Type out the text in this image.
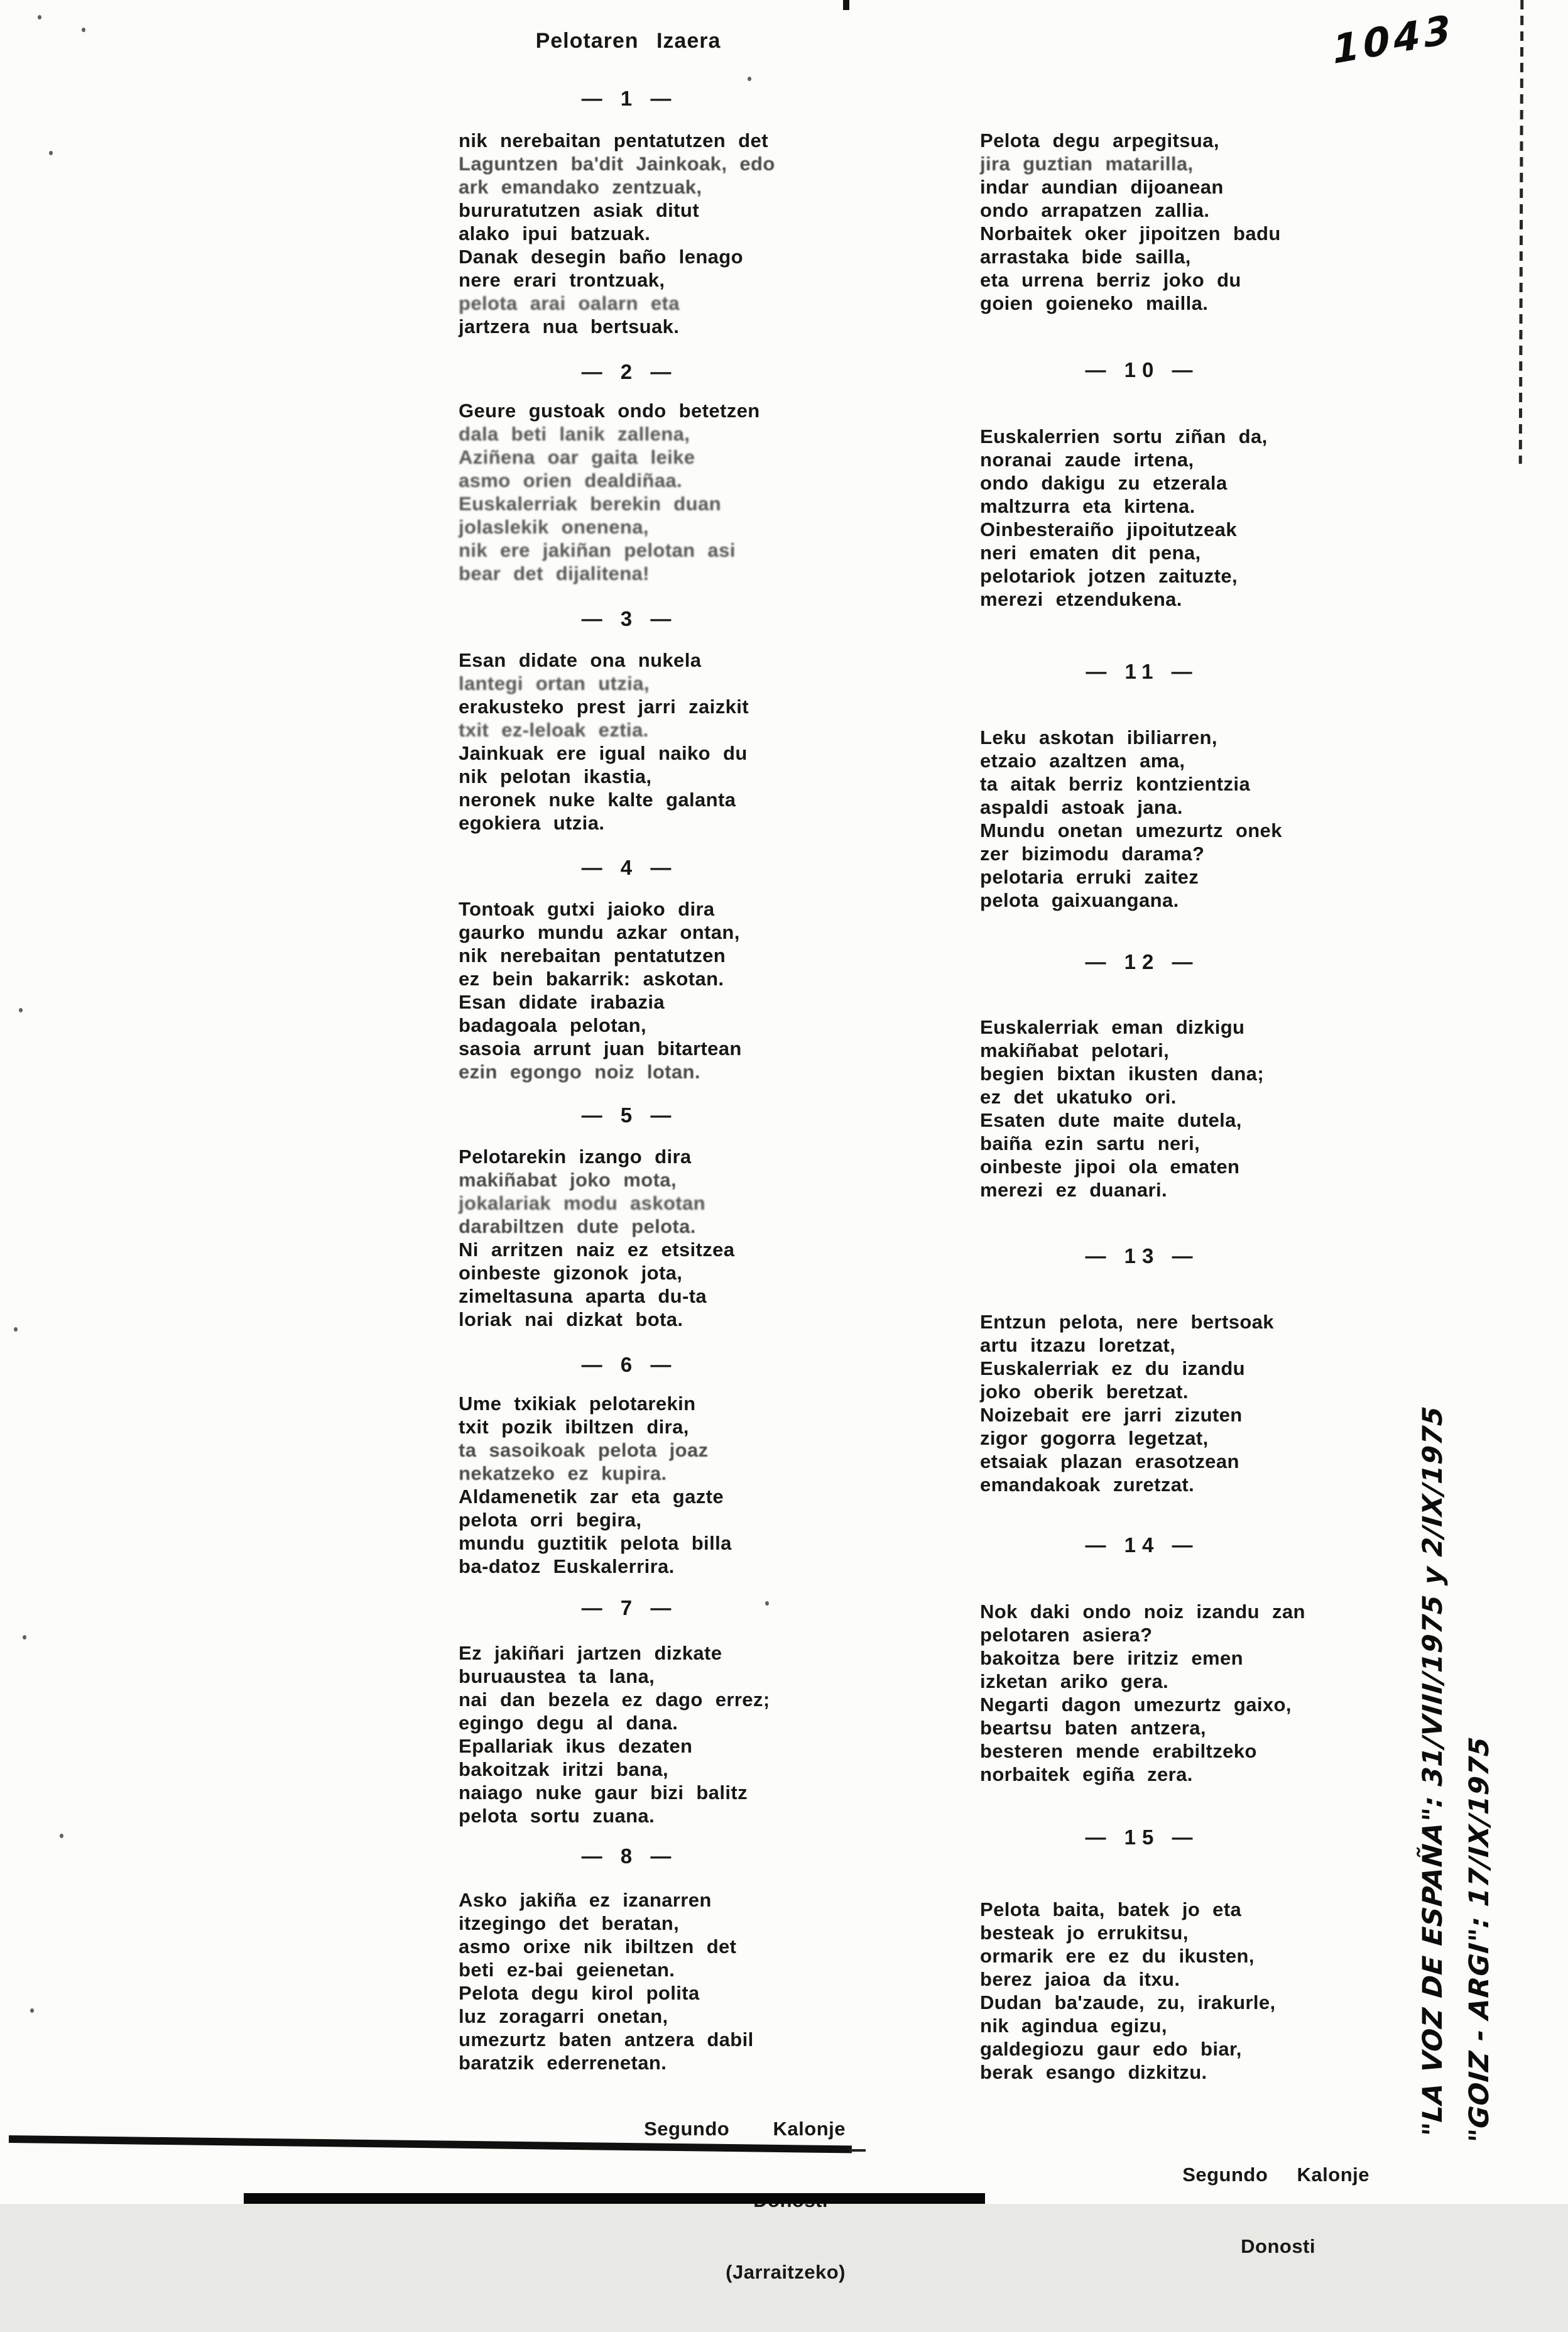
Pelotaren Izaera	1043
— 1 —
nik nerebaitan pentatutzen det
Laguntzen ba'dit Jainkoak, edo
ark emandako zentzuak,
bururatutzen asiak ditut
alako ipui batzuak.
Danak desegin baño lenago
nere erari trontzuak,
pelota arai oalarn eta
jartzera nua bertsuak.
— 2 —
Geure gustoak ondo betetzen
dala beti lanik zallena,
Aziñena oar gaita leike
asmo orien dealdiñaa.
Euskalerriak berekin duan
jolaslekik onenena,
nik ere jakiñan pelotan asi
bear det dijalitena!
— 3 —
Esan didate ona nukela
lantegi ortan utzia,
erakusteko prest jarri zaizkit
txit ez-leloak eztia.
Jainkuak ere igual naiko du
nik pelotan ikastia,
neronek nuke kalte galanta
egokiera utzia.
— 4 —
Tontoak gutxi jaioko dira
gaurko mundu azkar ontan,
nik nerebaitan pentatutzen
ez bein bakarrik: askotan.
Esan didate irabazia
badagoala pelotan,
sasoia arrunt juan bitartean
ezin egongo noiz lotan.
— 5 —
Pelotarekin izango dira
makiñabat joko mota,
jokalariak modu askotan
darabiltzen dute pelota.
Ni arritzen naiz ez etsitzea
oinbeste gizonok jota,
zimeltasuna aparta du-ta
loriak nai dizkat bota.
— 6 —
Ume txikiak pelotarekin
txit pozik ibiltzen dira,
ta sasoikoak pelota joaz
nekatzeko ez kupira.
Aldamenetik zar eta gazte
pelota orri begira,
mundu guztitik pelota billa
ba-datoz Euskalerrira.
— 7 —
Ez jakiñari jartzen dizkate
buruaustea ta lana,
nai dan bezela ez dago errez;
egingo degu al dana.
Epallariak ikus dezaten
bakoitzak iritzi bana,
naiago nuke gaur bizi balitz
pelota sortu zuana.
— 8 —
Asko jakiña ez izanarren
itzegingo det beratan,
asmo orixe nik ibiltzen det
beti ez-bai geienetan.
Pelota degu kirol polita
luz zoragarri onetan,
umezurtz baten antzera dabil
baratzik ederrenetan.
Pelota degu arpegitsua,
jira guztian matarilla,
indar aundian dijoanean
ondo arrapatzen zallia.
Norbaitek oker jipoitzen badu
arrastaka bide sailla,
eta urrena berriz joko du
goien goieneko mailla.
— 10 —
Euskalerrien sortu ziñan da,
noranai zaude irtena,
ondo dakigu zu etzerala
maltzurra eta kirtena.
Oinbesteraiño jipoitutzeak
neri ematen dit pena,
pelotariok jotzen zaituzte,
merezi etzendukena.
— 11 —
Leku askotan ibiliarren,
etzaio azaltzen ama,
ta aitak berriz kontzientzia
aspaldi astoak jana.
Mundu onetan umezurtz onek
zer bizimodu darama?
pelotaria erruki zaitez
pelota gaixuangana.
— 12 —
Euskalerriak eman dizkigu
makiñabat pelotari,
begien bixtan ikusten dana;
ez det ukatuko ori.
Esaten dute maite dutela,
baiña ezin sartu neri,
oinbeste jipoi ola ematen
merezi ez duanari.
— 13 —
Entzun pelota, nere bertsoak
artu itzazu loretzat,
Euskalerriak ez du izandu
joko oberik beretzat.
Noizebait ere jarri zizuten
zigor gogorra legetzat,
etsaiak plazan erasotzean
emandakoak zuretzat.
— 14 —
Nok daki ondo noiz izandu zan
pelotaren asiera?
bakoitza bere iritziz emen
izketan ariko gera.
Negarti dagon umezurtz gaixo,
beartsu baten antzera,
besteren mende erabiltzeko
norbaitek egiña zera.
— 15 —
Pelota baita, batek jo eta
besteak jo errukitsu,
ormarik ere ez du ikusten,
berez jaioa da itxu.
Dudan ba'zaude, zu, irakurle,
nik agindua egizu,
galdegiozu gaur edo biar,
berak esango dizkitzu.

Segundo   Kalonje

(Jarraitzeko)

Segundo  Kalonje

Donosti

"LA VOZ DE ESPAÑA": 31/VIII/1975 y 2/IX/1975 "GOIZ - ARGI": 17/IX/1975
